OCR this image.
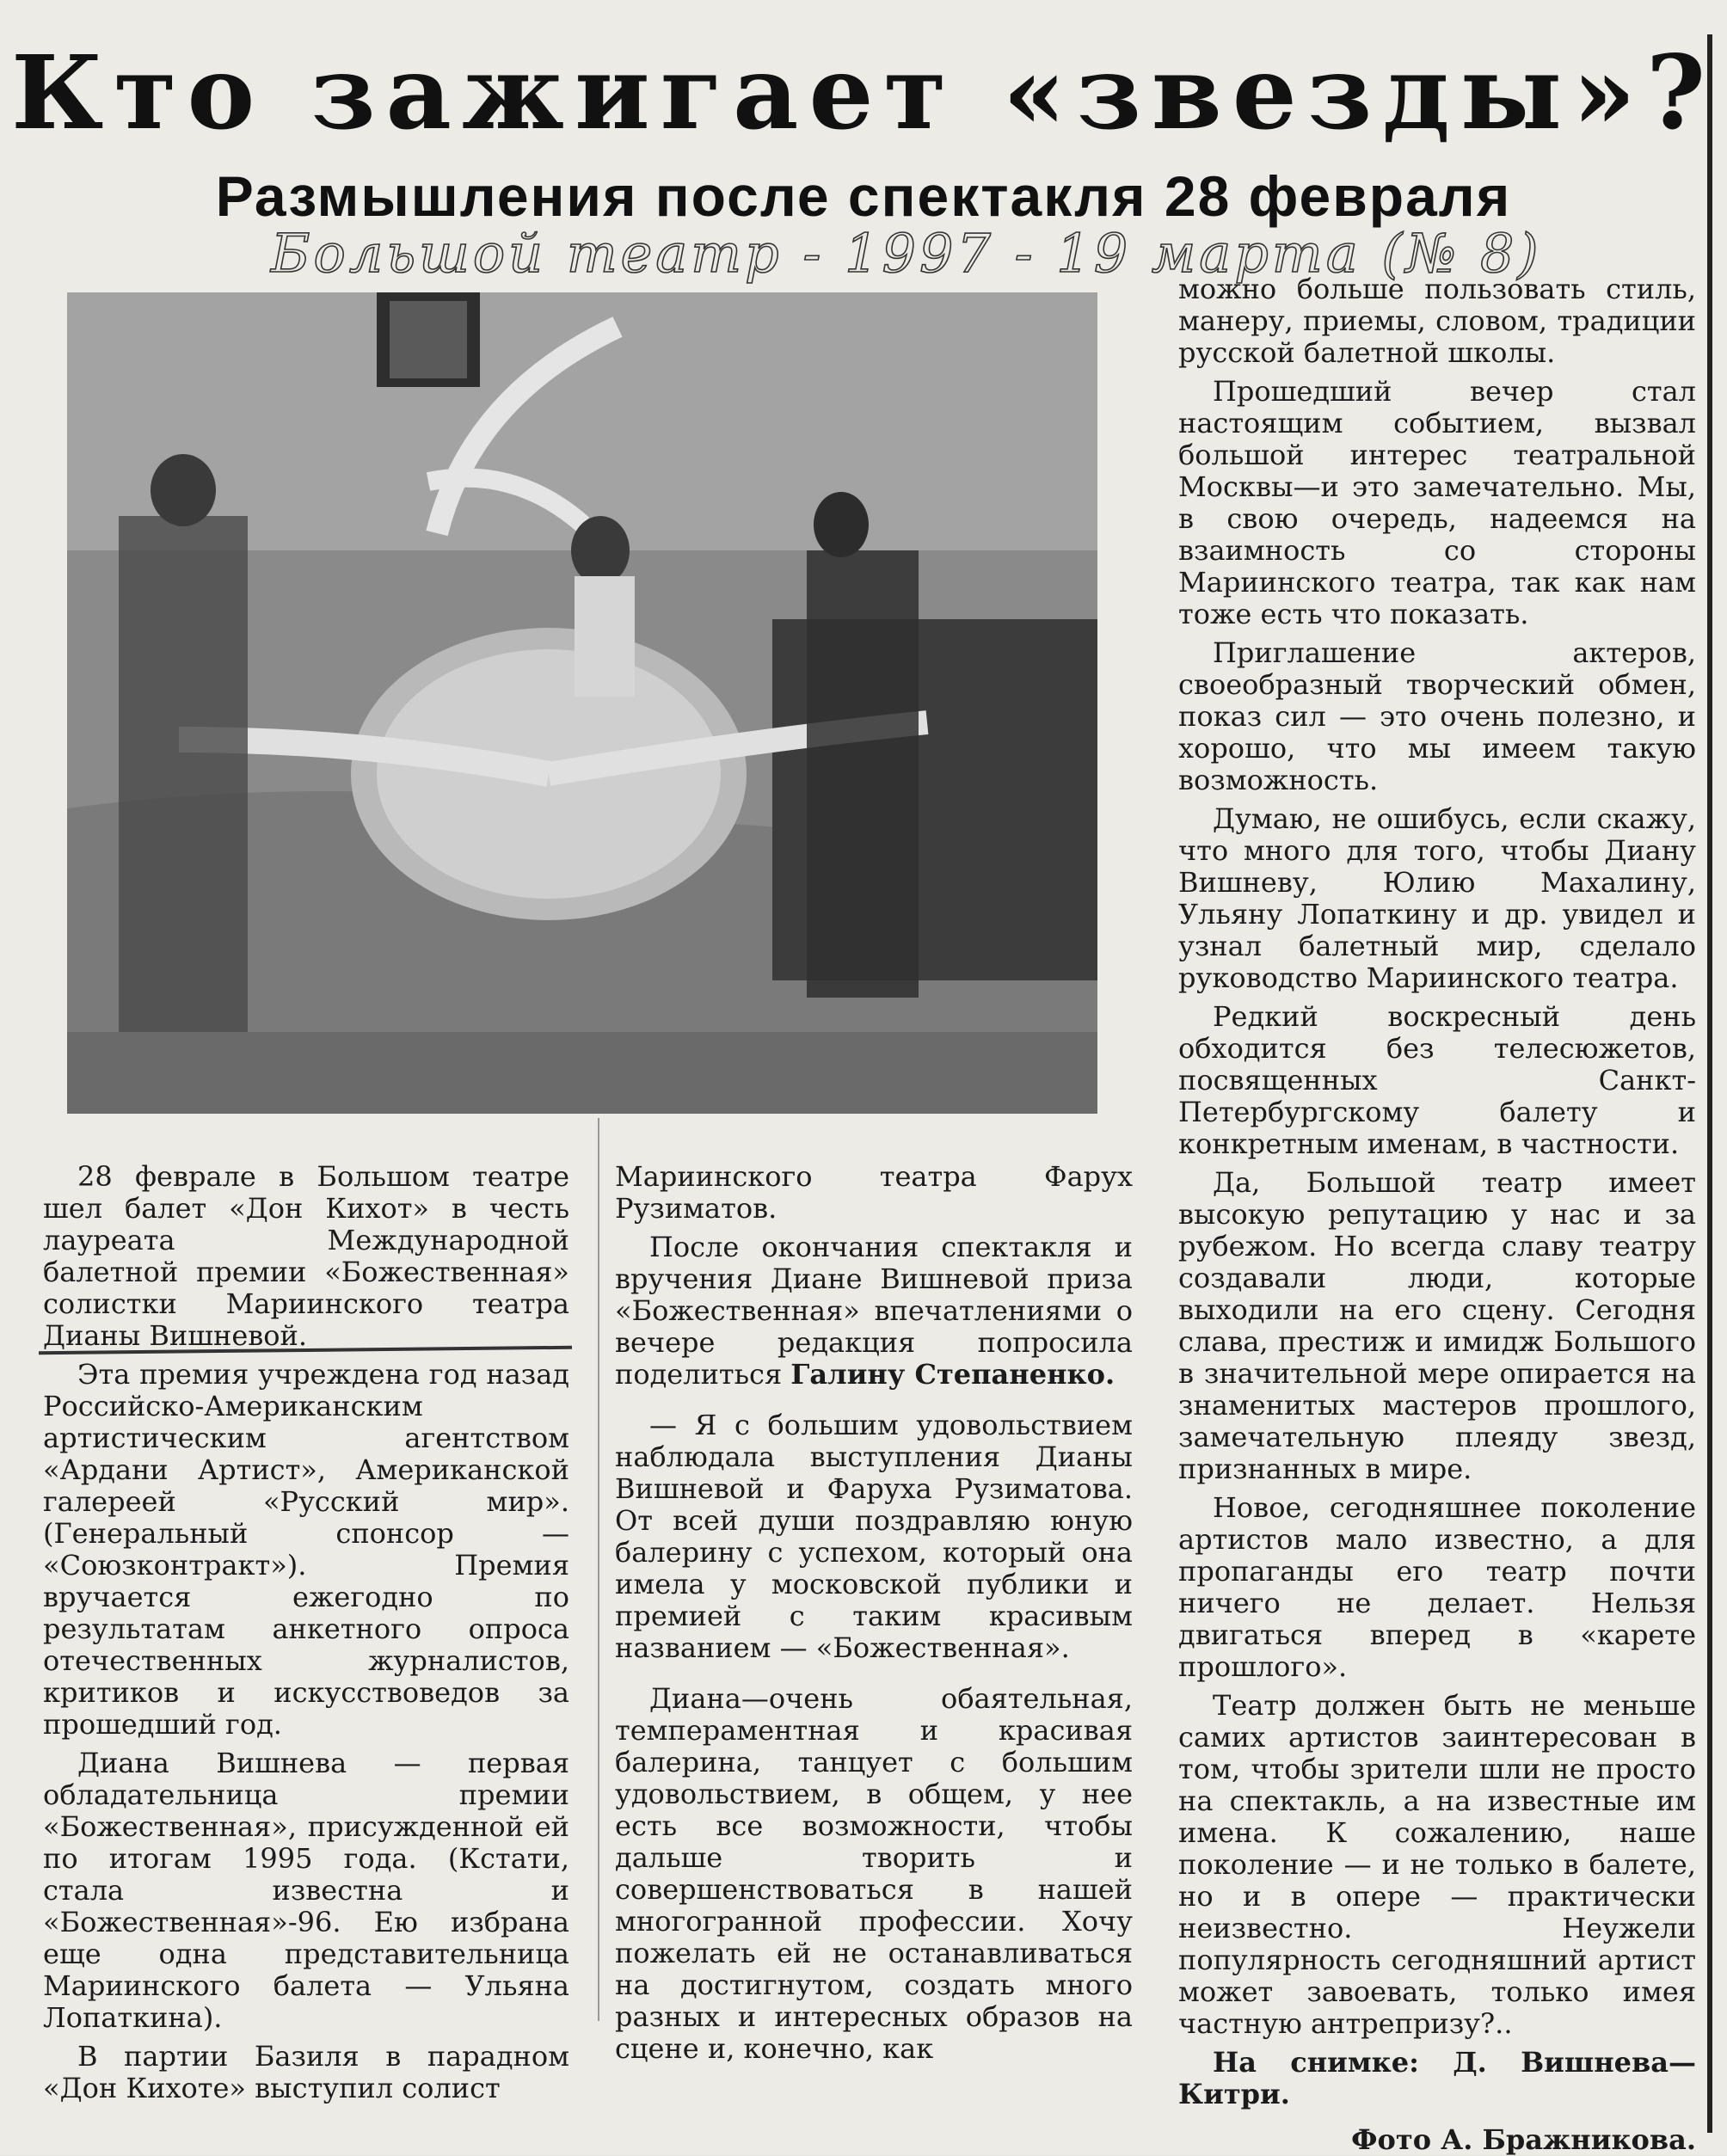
Кто зажигает «звезды»?
Размышления после спектакля 28 февраля
Большой театр - 1997 - 19 марта (№ 8)

28 феврале в Большом театре шел балет «Дон Кихот» в честь лауреата Международной балетной премии «Божественная» солистки Мариинского театра Дианы Вишневой.

Эта премия учреждена год назад Российско-Американским артистическим агентством «Ардани Артист», Американской галереей «Русский мир». (Генеральный спонсор — «Союзконтракт»). Премия вручается ежегодно по результатам анкетного опроса отечественных журналистов, критиков и искусствоведов за прошедший год.

Диана Вишнева — первая обладательница премии «Божественная», присужденной ей по итогам 1995 года. (Кстати, стала известна и «Божественная»-96. Ею избрана еще одна представительница Мариинского балета — Ульяна Лопаткина).

В партии Базиля в парадном «Дон Кихоте» выступил солист

Мариинского театра Фарух Рузиматов.

После окончания спектакля и вручения Диане Вишневой приза «Божественная» впечатлениями о вечере редакция попросила поделиться Галину Степаненко.

— Я с большим удовольствием наблюдала выступления Дианы Вишневой и Фаруха Рузиматова. От всей души поздравляю юную балерину с успехом, который она имела у московской публики и премией с таким красивым названием — «Божественная».

Диана—очень обаятельная, темпераментная и красивая балерина, танцует с большим удовольствием, в общем, у нее есть все возможности, чтобы дальше творить и совершенствоваться в нашей многогранной профессии. Хочу пожелать ей не останавливаться на достигнутом, создать много разных и интересных образов на сцене и, конечно, как

можно больше пользовать стиль, манеру, приемы, словом, традиции русской балетной школы.

Прошедший вечер стал настоящим событием, вызвал большой интерес театральной Москвы—и это замечательно. Мы, в свою очередь, надеемся на взаимность со стороны Мариинского театра, так как нам тоже есть что показать.

Приглашение актеров, своеобразный творческий обмен, показ сил — это очень полезно, и хорошо, что мы имеем такую возможность.

Думаю, не ошибусь, если скажу, что много для того, чтобы Диану Вишневу, Юлию Махалину, Ульяну Лопаткину и др. увидел и узнал балетный мир, сделало руководство Мариинского театра.

Редкий воскресный день обходится без телесюжетов, посвященных Санкт-Петербургскому балету и конкретным именам, в частности.

Да, Большой театр имеет высокую репутацию у нас и за рубежом. Но всегда славу театру создавали люди, которые выходили на его сцену. Сегодня слава, престиж и имидж Большого в значительной мере опирается на знаменитых мастеров прошлого, замечательную плеяду звезд, признанных в мире.

Новое, сегодняшнее поколение артистов мало известно, а для пропаганды его театр почти ничего не делает. Нельзя двигаться вперед в «карете прошлого».

Театр должен быть не меньше самих артистов заинтересован в том, чтобы зрители шли не просто на спектакль, а на известные им имена. К сожалению, наше поколение — и не только в балете, но и в опере — практически неизвестно. Неужели популярность сегодняшний артист может завоевать, только имея частную антрепризу?..

На снимке: Д. Вишнева—Китри.

Фото А. Бражникова.
